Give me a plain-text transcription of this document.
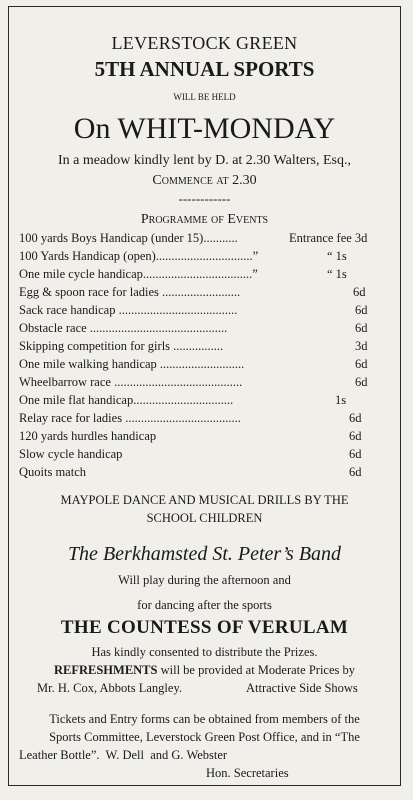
LEVERSTOCK GREEN
5TH ANNUAL SPORTS
WILL BE HELD
On WHIT-MONDAY
In a meadow kindly lent by D. at 2.30 Walters, Esq.,
Commence at 2.30
------------
Programme of Events
100 yards Boys Handicap (under 15)...........	Entrance fee 3d
100 Yards Handicap (open)...............................”	“ 1s
One mile cycle handicap...................................”	“ 1s
Egg & spoon race for ladies .........................	6d
Sack race handicap ......................................	6d
Obstacle race ............................................	6d
Skipping competition for girls ................	3d
One mile walking handicap ...........................	6d
Wheelbarrow race .........................................	6d
One mile flat handicap................................	1s
Relay race for ladies .....................................	6d
120 yards hurdles handicap	6d
Slow cycle handicap	6d
Quoits match	6d
MAYPOLE DANCE AND MUSICAL DRILLS BY THE
SCHOOL CHILDREN
The Berkhamsted St. Peter’s Band
Will play during the afternoon and
for dancing after the sports
THE COUNTESS OF VERULAM
Has kindly consented to distribute the Prizes.
REFRESHMENTS will be provided at Moderate Prices by
Mr. H. Cox, Abbots Langley.	Attractive Side Shows
Tickets and Entry forms can be obtained from members of the
Sports Committee, Leverstock Green Post Office, and in “The
Leather Bottle”.  W. Dell  and G. Webster
Hon. Secretaries
